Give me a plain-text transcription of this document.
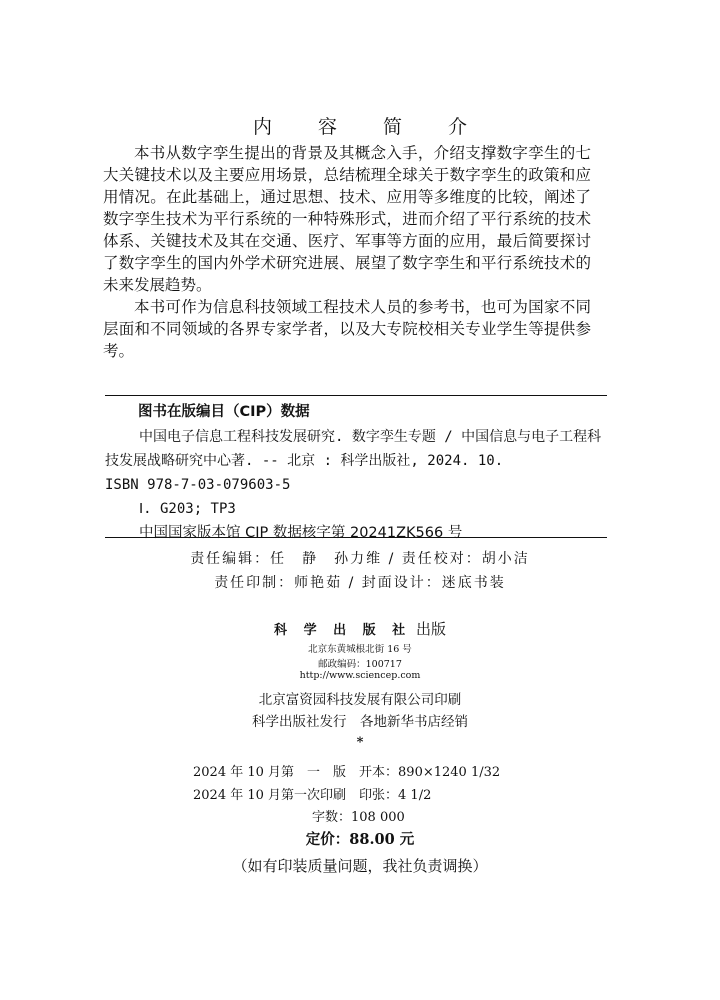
内 容 简 介

本书从数字孪生提出的背景及其概念入手，介绍支撑数字孪生的七大关键技术以及主要应用场景，总结梳理全球关于数字孪生的政策和应用情况。在此基础上，通过思想、技术、应用等多维度的比较，阐述了数字孪生技术为平行系统的一种特殊形式，进而介绍了平行系统的技术体系、关键技术及其在交通、医疗、军事等方面的应用，最后简要探讨了数字孪生的国内外学术研究进展、展望了数字孪生和平行系统技术的未来发展趋势。

本书可作为信息科技领域工程技术人员的参考书，也可为国家不同层面和不同领域的各界专家学者，以及大专院校相关专业学生等提供参考。

图书在版编目（CIP）数据
中国电子信息工程科技发展研究. 数字孪生专题 / 中国信息与电子工程科技发展战略研究中心著. -- 北京 : 科学出版社, 2024. 10.
ISBN 978-7-03-079603-5
Ⅰ. G203; TP3
中国国家版本馆 CIP 数据核字第 20241ZK566 号
责任编辑：任　静　孙力维 / 责任校对：胡小洁
责任印制：师艳茹 / 封面设计：迷底书装
科 学 出 版 社 出版
北京东黄城根北街 16 号
邮政编码：100717
http://www.sciencep.com
北京富资园科技发展有限公司印刷
科学出版社发行　各地新华书店经销
*
2024 年 10 月第　一　版　开本：890×1240 1/32
2024 年 10 月第一次印刷　印张：4 1/2
字数：108 000
定价：88.00 元
（如有印装质量问题，我社负责调换）
